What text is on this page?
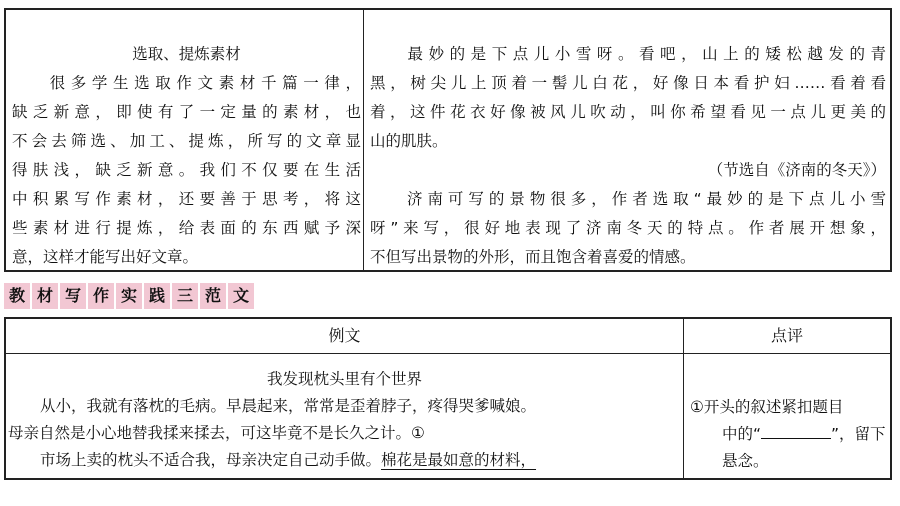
选取、提炼素材
很多学生选取作文素材千篇一律，
缺乏新意，即使有了一定量的素材，也
不会去筛选、加工、提炼，所写的文章显
得肤浅，缺乏新意。我们不仅要在生活
中积累写作素材，还要善于思考，将这
些素材进行提炼，给表面的东西赋予深
意，这样才能写出好文章。
最妙的是下点儿小雪呀。看吧，山上的矮松越发的青
黑，树尖儿上顶着一髻儿白花，好像日本看护妇……看着看
着，这件花衣好像被风儿吹动，叫你希望看见一点儿更美的
山的肌肤。
（节选自《济南的冬天》）
济南可写的景物很多，作者选取“最妙的是下点儿小雪
呀”来写，很好地表现了济南冬天的特点。作者展开想象，
不但写出景物的外形，而且饱含着喜爱的情感。
教 材 写 作 实 践 三 范 文
例文	点评
我发现枕头里有个世界
从小，我就有落枕的毛病。早晨起来，常常是歪着脖子，疼得哭爹喊娘。
母亲自然是小心地替我揉来揉去，可这毕竟不是长久之计。①
市场上卖的枕头不适合我，母亲决定自己动手做。棉花是最如意的材料，
①开头的叙述紧扣题目
中的“	”，留下
悬念。
